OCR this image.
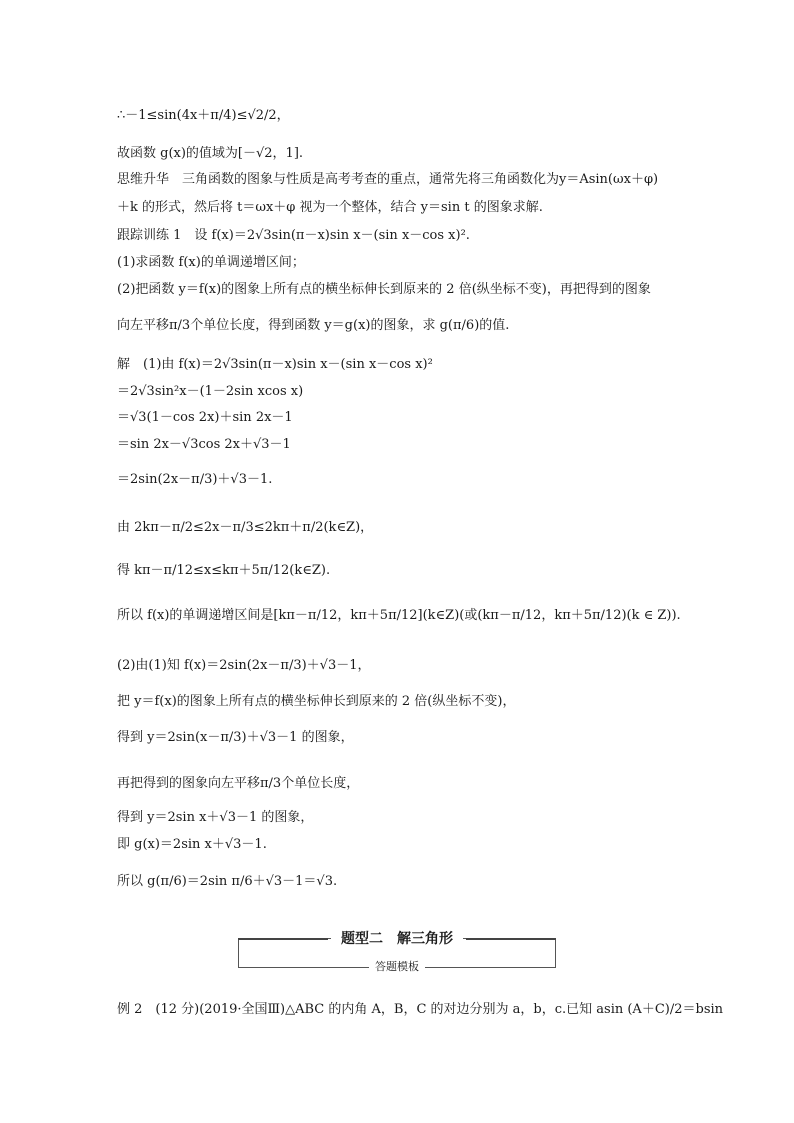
∴－1≤sin(4x＋π/4)≤√2/2，
故函数 g(x)的值域为[－√2，1].
思维升华　三角函数的图象与性质是高考考查的重点，通常先将三角函数化为y＝Asin(ωx＋φ)
＋k 的形式，然后将 t＝ωx＋φ 视为一个整体，结合 y＝sin t 的图象求解.
跟踪训练 1　设 f(x)＝2√3sin(π－x)sin x－(sin x－cos x)².
(1)求函数 f(x)的单调递增区间；
(2)把函数 y＝f(x)的图象上所有点的横坐标伸长到原来的 2 倍(纵坐标不变)，再把得到的图象
向左平移π/3个单位长度，得到函数 y＝g(x)的图象，求 g(π/6)的值.
解　(1)由 f(x)＝2√3sin(π－x)sin x－(sin x－cos x)²
＝2√3sin²x－(1－2sin xcos x)
＝√3(1－cos 2x)＋sin 2x－1
＝sin 2x－√3cos 2x＋√3－1
＝2sin(2x－π/3)＋√3－1.
由 2kπ－π/2≤2x－π/3≤2kπ＋π/2(k∈Z)，
得 kπ－π/12≤x≤kπ＋5π/12(k∈Z).
所以 f(x)的单调递增区间是[kπ－π/12，kπ＋5π/12](k∈Z)(或(kπ－π/12，kπ＋5π/12)(k ∈ Z)).
(2)由(1)知 f(x)＝2sin(2x－π/3)＋√3－1，
把 y＝f(x)的图象上所有点的横坐标伸长到原来的 2 倍(纵坐标不变)，
得到 y＝2sin(x－π/3)＋√3－1 的图象，
再把得到的图象向左平移π/3个单位长度，
得到 y＝2sin x＋√3－1 的图象，
即 g(x)＝2sin x＋√3－1.
所以 g(π/6)＝2sin π/6＋√3－1＝√3.
题型二　解三角形
答题模板
例 2　(12 分)(2019·全国Ⅲ)△ABC 的内角 A，B，C 的对边分别为 a，b，c.已知 asin (A＋C)/2＝bsin
